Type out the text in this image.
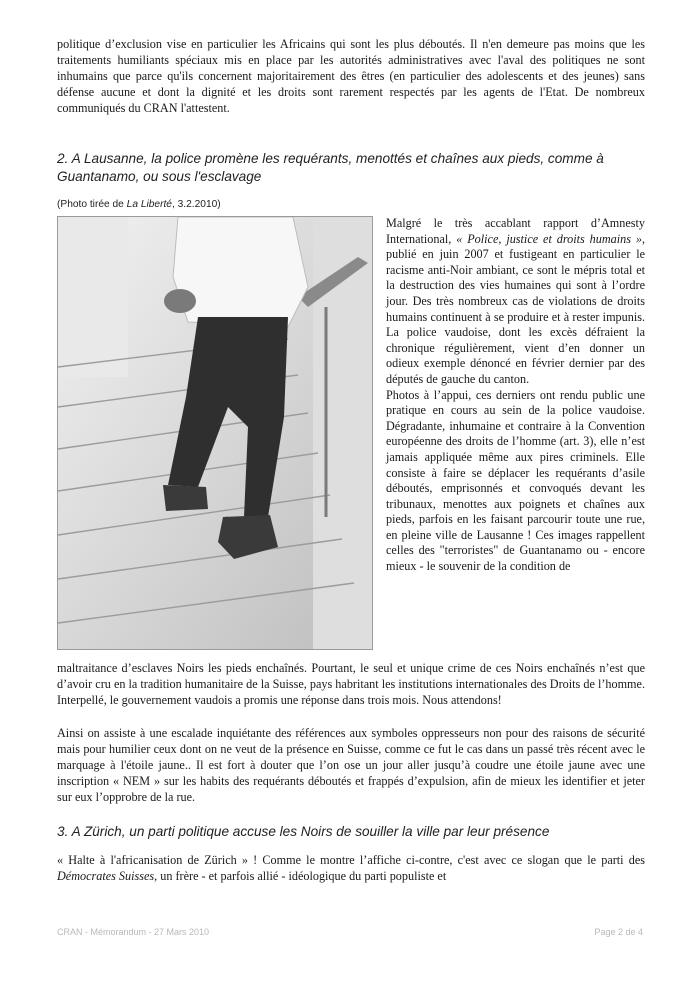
politique d’exclusion vise en particulier les Africains qui sont les plus déboutés. Il n'en demeure pas moins que les traitements humiliants spéciaux mis en place par les autorités administratives avec l'aval des politiques ne sont inhumains que parce qu'ils concernent majoritairement des êtres (en particulier des adolescents et des jeunes) sans défense aucune et dont la dignité et les droits sont rarement respectés par les agents de l'Etat. De nombreux communiqués du CRAN l'attestent.

2. A Lausanne, la police promène les requérants, menottés et chaînes aux pieds, comme à Guantanamo, ou sous l'esclavage

(Photo tirée de La Liberté, 3.2.2010)

Malgré le très accablant rapport d’Amnesty International, « Police, justice et droits humains », publié en juin 2007 et fustigeant en particulier le racisme anti-Noir ambiant, ce sont le mépris total et la destruction des vies humaines qui sont à l’ordre jour. Des très nombreux cas de violations de droits humains continuent à se produire et à rester impunis. La police vaudoise, dont les excès défraient la chronique régulièrement, vient d’en donner un odieux exemple dénoncé en février dernier par des députés de gauche du canton.

Photos à l’appui, ces derniers ont rendu public une pratique en cours au sein de la police vaudoise. Dégradante, inhumaine et contraire à la Convention européenne des droits de l’homme (art. 3), elle n’est jamais appliquée même aux pires criminels. Elle consiste à faire se déplacer les requérants d’asile déboutés, emprisonnés et convoqués devant les tribunaux, menottes aux poignets et chaînes aux pieds, parfois en les faisant parcourir toute une rue, en pleine ville de Lausanne ! Ces images rappellent celles des "terroristes" de Guantanamo ou - encore mieux - le souvenir de la condition de

maltraitance d’esclaves Noirs les pieds enchaînés. Pourtant, le seul et unique crime de ces Noirs enchaînés n’est que d’avoir cru en la tradition humanitaire de la Suisse, pays habritant les institutions internationales des Droits de l’homme. Interpellé, le gouvernement vaudois a promis une réponse dans trois mois. Nous attendons!

Ainsi on assiste à une escalade inquiétante des références aux symboles oppresseurs non pour des raisons de sécurité mais pour humilier ceux dont on ne veut de la présence en Suisse, comme ce fut le cas dans un passé très récent avec le marquage à l'étoile jaune.. Il est fort à douter que l’on ose un jour aller jusqu’à coudre une étoile jaune avec une inscription « NEM » sur les habits des requérants déboutés et frappés d’expulsion, afin de mieux les identifier et jeter sur eux l’opprobre de la rue.

3. A Zürich, un parti politique accuse les Noirs de souiller la ville par leur présence

« Halte à l'africanisation de Zürich » ! Comme le montre l’affiche ci-contre, c'est avec ce slogan que le parti des Démocrates Suisses, un frère - et parfois allié - idéologique du parti populiste et

CRAN - Mémorandum - 27 Mars 2010	Page 2 de 4
